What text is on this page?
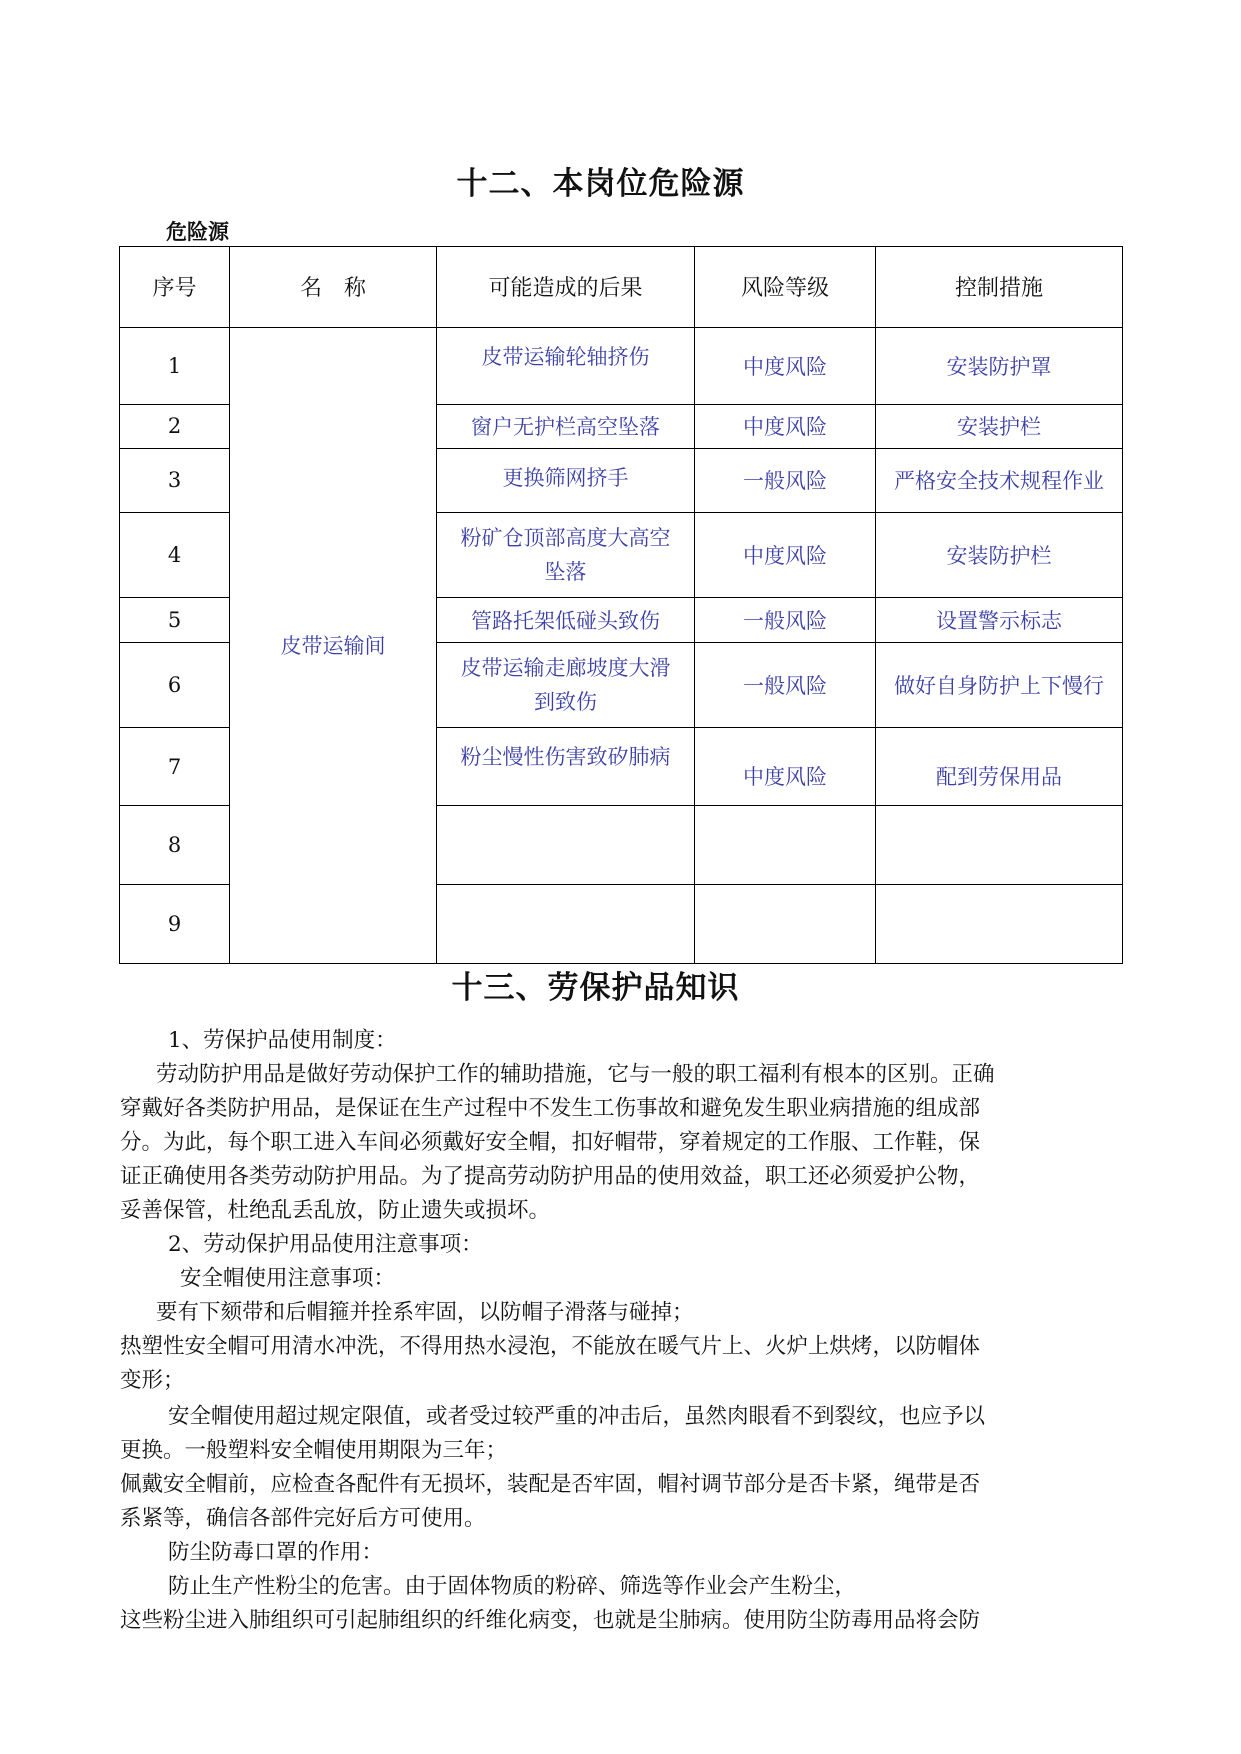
十二、本岗位危险源
危险源
序号	名　称	可能造成的后果	风险等级	控制措施
1	皮带运输间	皮带运输轮轴挤伤	中度风险	安装防护罩
2		窗户无护栏高空坠落	中度风险	安装护栏
3		更换筛网挤手	一般风险	严格安全技术规程作业
4		粉矿仓顶部高度大高空坠落	中度风险	安装防护栏
5		管路托架低碰头致伤	一般风险	设置警示标志
6		皮带运输走廊坡度大滑到致伤	一般风险	做好自身防护上下慢行
7		粉尘慢性伤害致矽肺病	中度风险	配到劳保用品
8				
9				
十三、劳保护品知识
1、劳保护品使用制度：
劳动防护用品是做好劳动保护工作的辅助措施，它与一般的职工福利有根本的区别。正确
穿戴好各类防护用品，是保证在生产过程中不发生工伤事故和避免发生职业病措施的组成部
分。为此，每个职工进入车间必须戴好安全帽，扣好帽带，穿着规定的工作服、工作鞋，保
证正确使用各类劳动防护用品。为了提高劳动防护用品的使用效益，职工还必须爱护公物，
妥善保管，杜绝乱丢乱放，防止遗失或损坏。
2、劳动保护用品使用注意事项：
安全帽使用注意事项：
要有下颏带和后帽箍并拴系牢固，以防帽子滑落与碰掉；
热塑性安全帽可用清水冲洗，不得用热水浸泡，不能放在暖气片上、火炉上烘烤，以防帽体
变形；
安全帽使用超过规定限值，或者受过较严重的冲击后，虽然肉眼看不到裂纹，也应予以
更换。一般塑料安全帽使用期限为三年；
佩戴安全帽前，应检查各配件有无损坏，装配是否牢固，帽衬调节部分是否卡紧，绳带是否
系紧等，确信各部件完好后方可使用。
防尘防毒口罩的作用：
防止生产性粉尘的危害。由于固体物质的粉碎、筛选等作业会产生粉尘，
这些粉尘进入肺组织可引起肺组织的纤维化病变，也就是尘肺病。使用防尘防毒用品将会防
